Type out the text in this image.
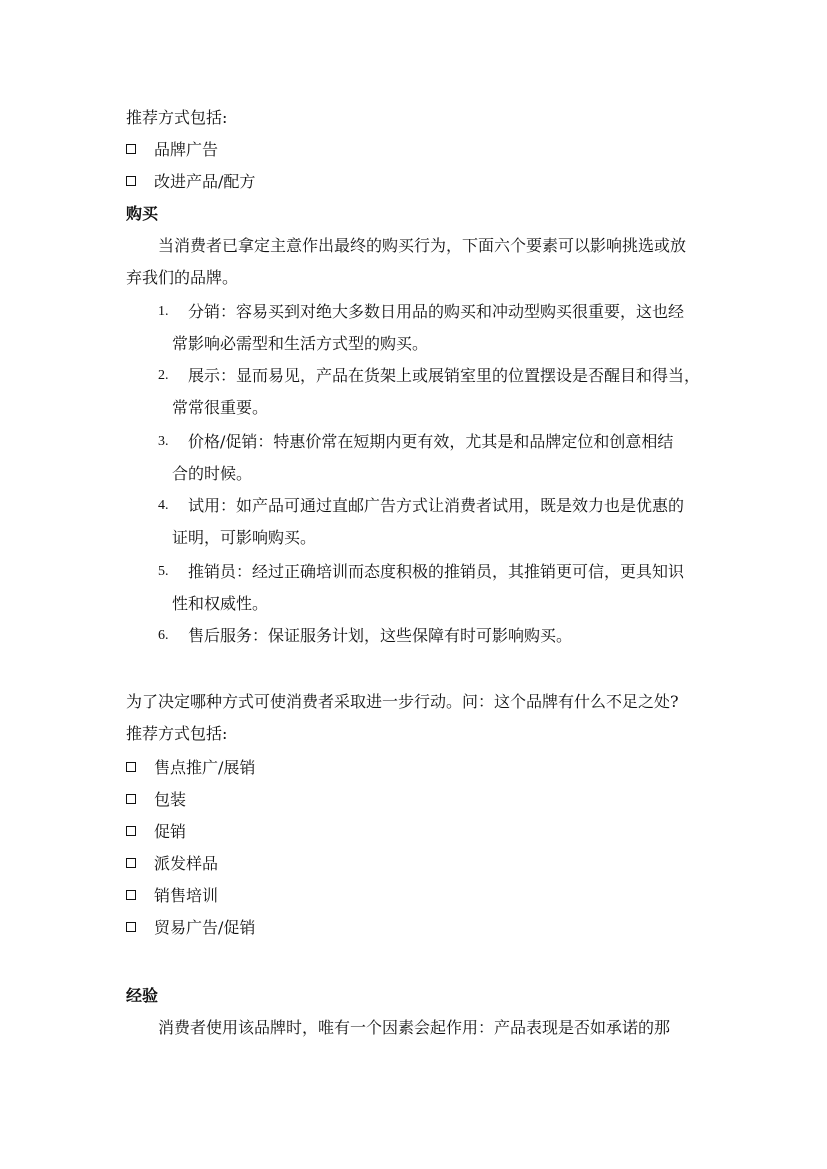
推荐方式包括:
品牌广告
改进产品/配方
购买
当消费者已拿定主意作出最终的购买行为，下面六个要素可以影响挑选或放
弃我们的品牌。
1.	分销：容易买到对绝大多数日用品的购买和冲动型购买很重要，这也经
常影响必需型和生活方式型的购买。
2.	展示：显而易见，产品在货架上或展销室里的位置摆设是否醒目和得当，
常常很重要。
3.	价格/促销：特惠价常在短期内更有效，尤其是和品牌定位和创意相结
合的时候。
4.	试用：如产品可通过直邮广告方式让消费者试用，既是效力也是优惠的
证明，可影响购买。
5.	推销员：经过正确培训而态度积极的推销员，其推销更可信，更具知识
性和权威性。
6.	售后服务：保证服务计划，这些保障有时可影响购买。
为了决定哪种方式可使消费者采取进一步行动。问：这个品牌有什么不足之处?
推荐方式包括:
售点推广/展销
包装
促销
派发样品
销售培训
贸易广告/促销
经验
消费者使用该品牌时，唯有一个因素会起作用：产品表现是否如承诺的那
